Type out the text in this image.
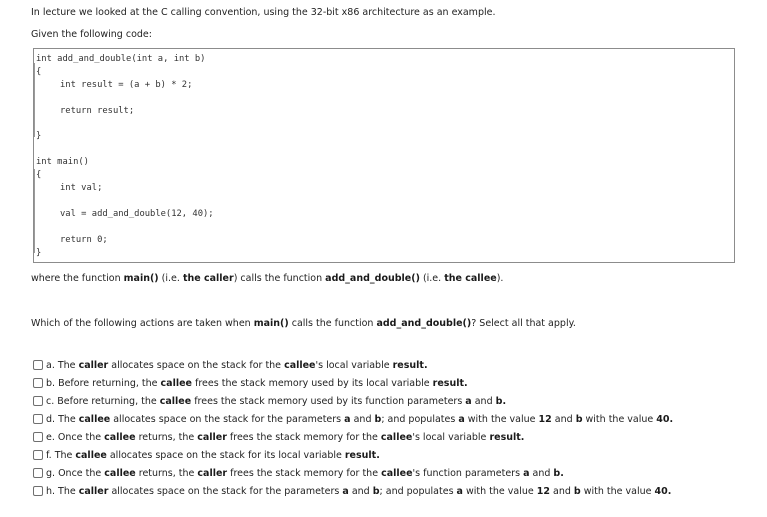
In lecture we looked at the C calling convention, using the 32-bit x86 architecture as an example.
Given the following code:
int add_and_double(int a, int b)
{
int result = (a + b) * 2;
return result;
}
int main()
{
int val;
val = add_and_double(12, 40);
return 0;
}
where the function main() (i.e. the caller) calls the function add_and_double() (i.e. the callee).
Which of the following actions are taken when main() calls the function add_and_double()? Select all that apply.
a. The caller allocates space on the stack for the callee's local variable result.
b. Before returning, the callee frees the stack memory used by its local variable result.
c. Before returning, the callee frees the stack memory used by its function parameters a and b.
d. The callee allocates space on the stack for the parameters a and b; and populates a with the value 12 and b with the value 40.
e. Once the callee returns, the caller frees the stack memory for the callee's local variable result.
f. The callee allocates space on the stack for its local variable result.
g. Once the callee returns, the caller frees the stack memory for the callee's function parameters a and b.
h. The caller allocates space on the stack for the parameters a and b; and populates a with the value 12 and b with the value 40.
